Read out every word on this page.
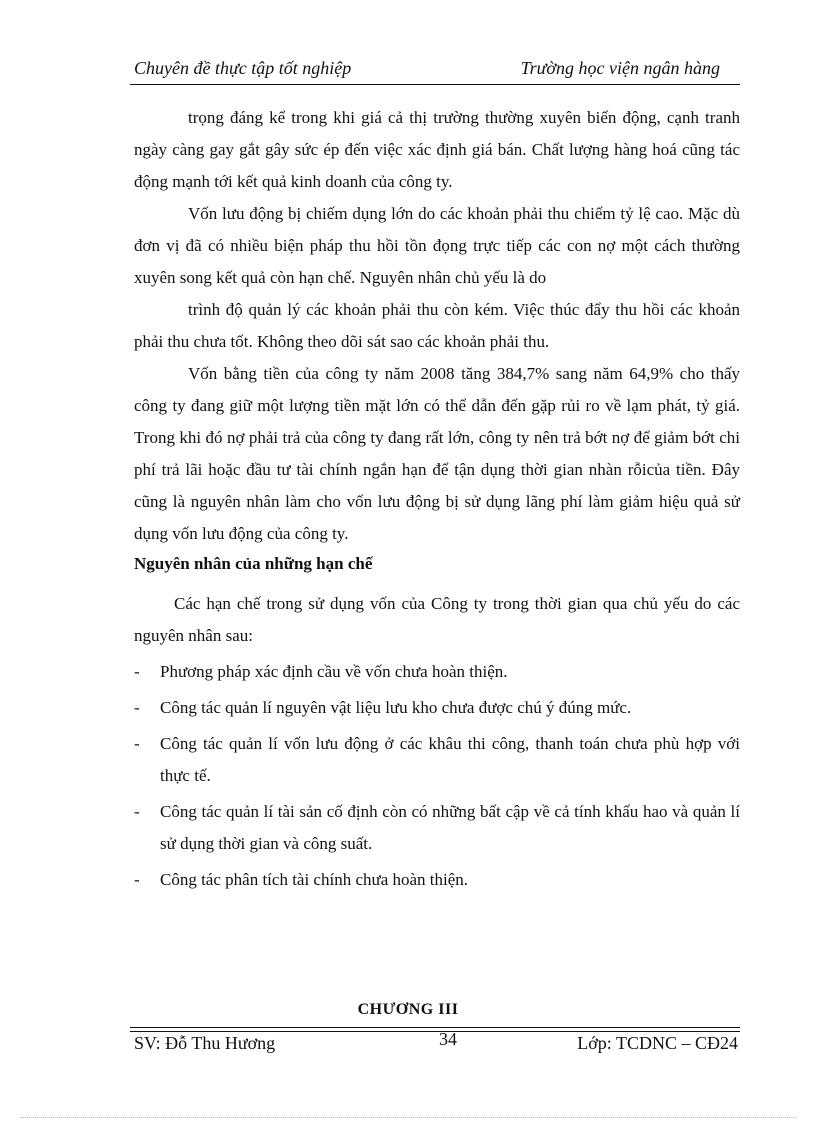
Chuyên đề thực tập tốt nghiệp	Trường học viện ngân hàng

trọng đáng kể trong khi giá cả thị trường thường xuyên biến động, cạnh tranh ngày càng gay gắt gây sức ép đến việc xác định giá bán. Chất lượng hàng hoá cũng tác động mạnh tới kết quả kinh doanh của công ty.

Vốn lưu động bị chiếm dụng lớn do các khoản phải thu chiếm tỷ lệ cao. Mặc dù đơn vị đã có nhiều biện pháp thu hồi tồn đọng trực tiếp các con nợ một cách thường xuyên song kết quả còn hạn chế. Nguyên nhân chủ yếu là do

trình độ quản lý các khoản phải thu còn kém. Việc thúc đẩy thu hồi các khoản phải thu chưa tốt. Không theo dõi sát sao các khoản phải thu.

Vốn bằng tiền của công ty năm 2008 tăng 384,7% sang năm 64,9% cho thấy công ty đang giữ một lượng tiền mặt lớn có thể dẫn đến gặp rủi ro về lạm phát, tỷ giá. Trong khi đó nợ phải trả của công ty đang rất lớn, công ty nên trả bớt nợ để giảm bớt chi phí trả lãi hoặc đầu tư tài chính ngắn hạn để tận dụng thời gian nhàn rỗicủa tiền. Đây cũng là nguyên nhân làm cho vốn lưu động bị sử dụng lãng phí làm giảm hiệu quả sử dụng vốn lưu động của công ty.

Nguyên nhân của những hạn chế

Các hạn chế trong sử dụng vốn của Công ty trong thời gian qua chủ yếu do các nguyên nhân sau:

- Phương pháp xác định cầu về vốn chưa hoàn thiện.
- Công tác quản lí nguyên vật liệu lưu kho chưa được chú ý đúng mức.
- Công tác quản lí vốn lưu động ở các khâu thi công, thanh toán chưa phù hợp với thực tế.
- Công tác quản lí tài sản cố định còn có những bất cập về cả tính khấu hao và quản lí sử dụng thời gian và công suất.
- Công tác phân tích tài chính chưa hoàn thiện.
CHƯƠNG III
SV: Đỗ Thu Hương	34	Lớp: TCDNC – CĐ24
